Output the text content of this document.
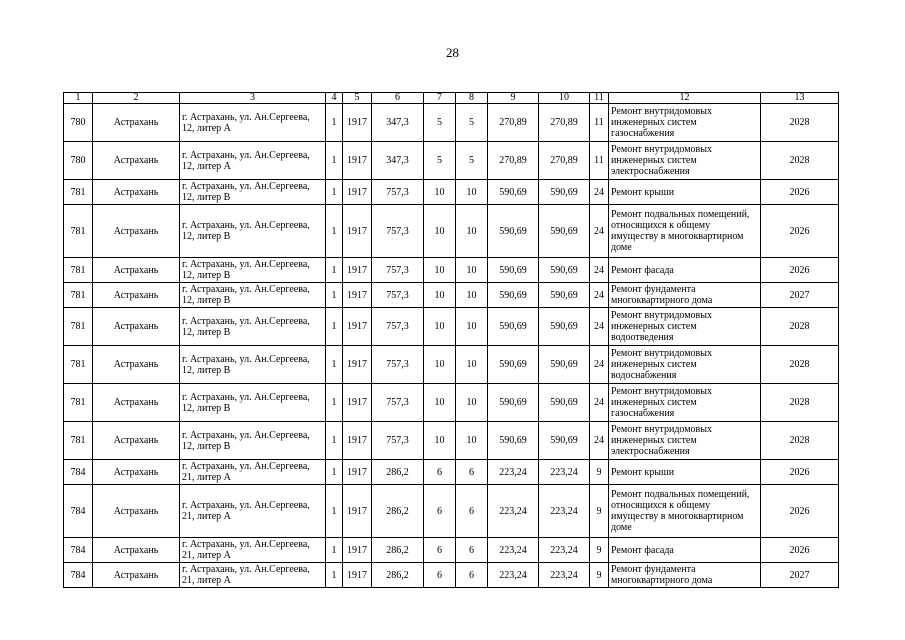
28
1	2	3	4	5	6	7	8	9	10	11	12	13
780	Астрахань	г. Астрахань, ул. Ан.Сергеева, 12, литер А	1	1917	347,3	5	5	270,89	270,89	11	Ремонт внутридомовых инженерных систем газоснабжения	2028
780	Астрахань	г. Астрахань, ул. Ан.Сергеева, 12, литер А	1	1917	347,3	5	5	270,89	270,89	11	Ремонт внутридомовых инженерных систем электроснабжения	2028
781	Астрахань	г. Астрахань, ул. Ан.Сергеева, 12, литер В	1	1917	757,3	10	10	590,69	590,69	24	Ремонт крыши	2026
781	Астрахань	г. Астрахань, ул. Ан.Сергеева, 12, литер В	1	1917	757,3	10	10	590,69	590,69	24	Ремонт подвальных помещений, относящихся к общему имуществу в многоквартирном доме	2026
781	Астрахань	г. Астрахань, ул. Ан.Сергеева, 12, литер В	1	1917	757,3	10	10	590,69	590,69	24	Ремонт фасада	2026
781	Астрахань	г. Астрахань, ул. Ан.Сергеева, 12, литер В	1	1917	757,3	10	10	590,69	590,69	24	Ремонт фундамента многоквартирного дома	2027
781	Астрахань	г. Астрахань, ул. Ан.Сергеева, 12, литер В	1	1917	757,3	10	10	590,69	590,69	24	Ремонт внутридомовых инженерных систем водоотведения	2028
781	Астрахань	г. Астрахань, ул. Ан.Сергеева, 12, литер В	1	1917	757,3	10	10	590,69	590,69	24	Ремонт внутридомовых инженерных систем водоснабжения	2028
781	Астрахань	г. Астрахань, ул. Ан.Сергеева, 12, литер В	1	1917	757,3	10	10	590,69	590,69	24	Ремонт внутридомовых инженерных систем газоснабжения	2028
781	Астрахань	г. Астрахань, ул. Ан.Сергеева, 12, литер В	1	1917	757,3	10	10	590,69	590,69	24	Ремонт внутридомовых инженерных систем электроснабжения	2028
784	Астрахань	г. Астрахань, ул. Ан.Сергеева, 21, литер А	1	1917	286,2	6	6	223,24	223,24	9	Ремонт крыши	2026
784	Астрахань	г. Астрахань, ул. Ан.Сергеева, 21, литер А	1	1917	286,2	6	6	223,24	223,24	9	Ремонт подвальных помещений, относящихся к общему имуществу в многоквартирном доме	2026
784	Астрахань	г. Астрахань, ул. Ан.Сергеева, 21, литер А	1	1917	286,2	6	6	223,24	223,24	9	Ремонт фасада	2026
784	Астрахань	г. Астрахань, ул. Ан.Сергеева, 21, литер А	1	1917	286,2	6	6	223,24	223,24	9	Ремонт фундамента многоквартирного дома	2027
